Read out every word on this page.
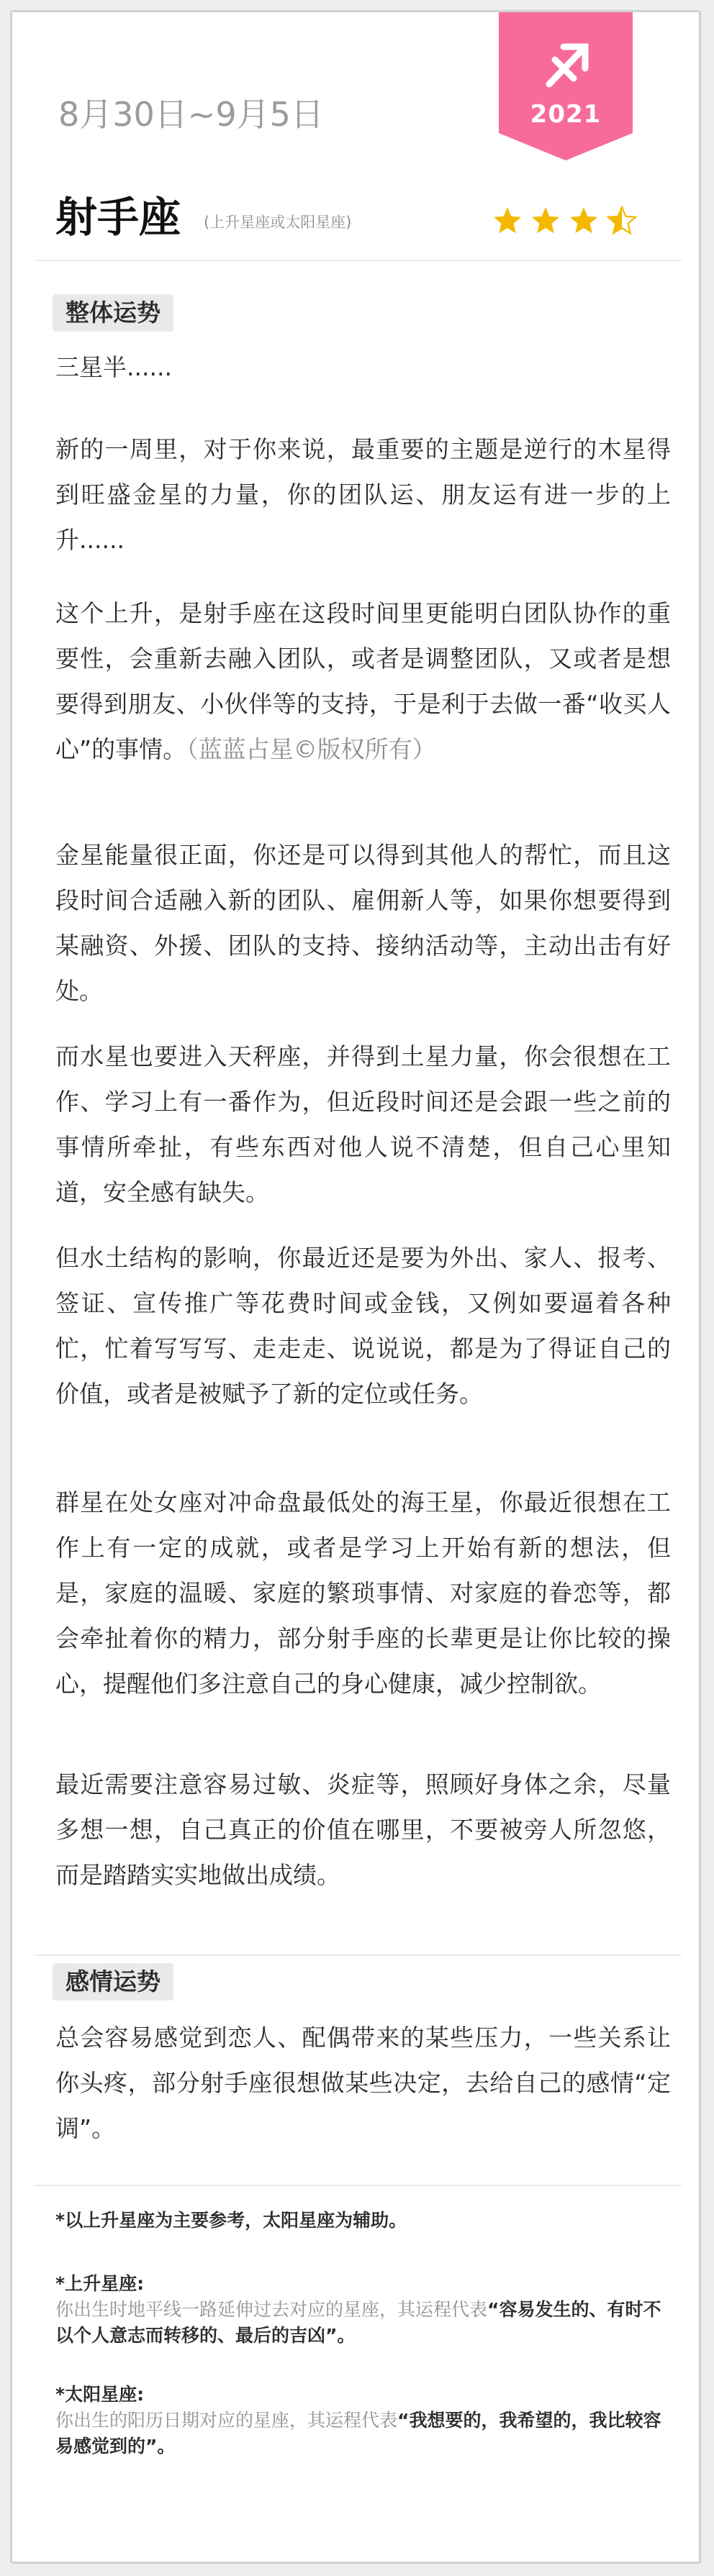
2021
8月30日~9月5日
射手座 (上升星座或太阳星座)
整体运势

三星半......

新的一周里，对于你来说，最重要的主题是逆行的木星得到旺盛金星的力量，你的团队运、朋友运有进一步的上升......

这个上升，是射手座在这段时间里更能明白团队协作的重要性，会重新去融入团队，或者是调整团队，又或者是想要得到朋友、小伙伴等的支持，于是利于去做一番“收买人心”的事情。（蓝蓝占星©版权所有）

金星能量很正面，你还是可以得到其他人的帮忙，而且这段时间合适融入新的团队、雇佣新人等，如果你想要得到某融资、外援、团队的支持、接纳活动等，主动出击有好处。

而水星也要进入天秤座，并得到土星力量，你会很想在工作、学习上有一番作为，但近段时间还是会跟一些之前的事情所牵扯，有些东西对他人说不清楚，但自己心里知道，安全感有缺失。

但水土结构的影响，你最近还是要为外出、家人、报考、签证、宣传推广等花费时间或金钱，又例如要逼着各种忙，忙着写写写、走走走、说说说，都是为了得证自己的价值，或者是被赋予了新的定位或任务。

群星在处女座对冲命盘最低处的海王星，你最近很想在工作上有一定的成就，或者是学习上开始有新的想法，但是，家庭的温暖、家庭的繁琐事情、对家庭的眷恋等，都会牵扯着你的精力，部分射手座的长辈更是让你比较的操心，提醒他们多注意自己的身心健康，减少控制欲。

最近需要注意容易过敏、炎症等，照顾好身体之余，尽量多想一想，自己真正的价值在哪里，不要被旁人所忽悠，而是踏踏实实地做出成绩。

感情运势

总会容易感觉到恋人、配偶带来的某些压力，一些关系让你头疼，部分射手座很想做某些决定，去给自己的感情“定调”。

*以上升星座为主要参考，太阳星座为辅助。

*上升星座:

你出生时地平线一路延伸过去对应的星座，其运程代表“容易发生的、有时不以个人意志而转移的、最后的吉凶”。

*太阳星座:

你出生的阳历日期对应的星座，其运程代表“我想要的，我希望的，我比较容易感觉到的”。
